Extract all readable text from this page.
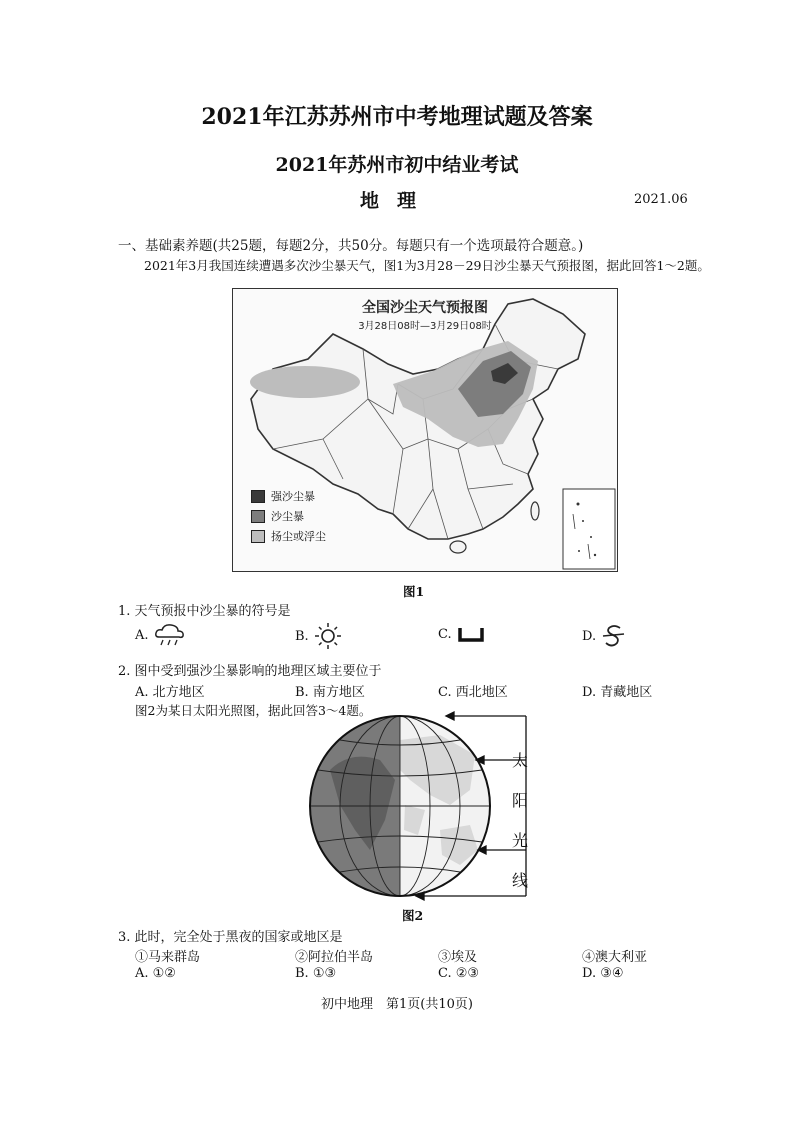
2021年江苏苏州市中考地理试题及答案
2021年苏州市初中结业考试
地理	2021.06
一、基础素养题(共25题，每题2分，共50分。每题只有一个选项最符合题意。)
2021年3月我国连续遭遇多次沙尘暴天气，图1为3月28－29日沙尘暴天气预报图，据此回答1～2题。
全国沙尘天气预报图
3月28日08时—3月29日08时
强沙尘暴
沙尘暴
扬尘或浮尘
图1
1. 天气预报中沙尘暴的符号是
A.	B.	C.	D.
2. 图中受到强沙尘暴影响的地理区域主要位于
A. 北方地区	B. 南方地区	C. 西北地区	D. 青藏地区
图2为某日太阳光照图，据此回答3～4题。
太
阳
光
线
图2
3. 此时，完全处于黑夜的国家或地区是
①马来群岛	②阿拉伯半岛	③埃及	④澳大利亚
A. ①②	B. ①③	C. ②③	D. ③④
初中地理　第1页(共10页)
